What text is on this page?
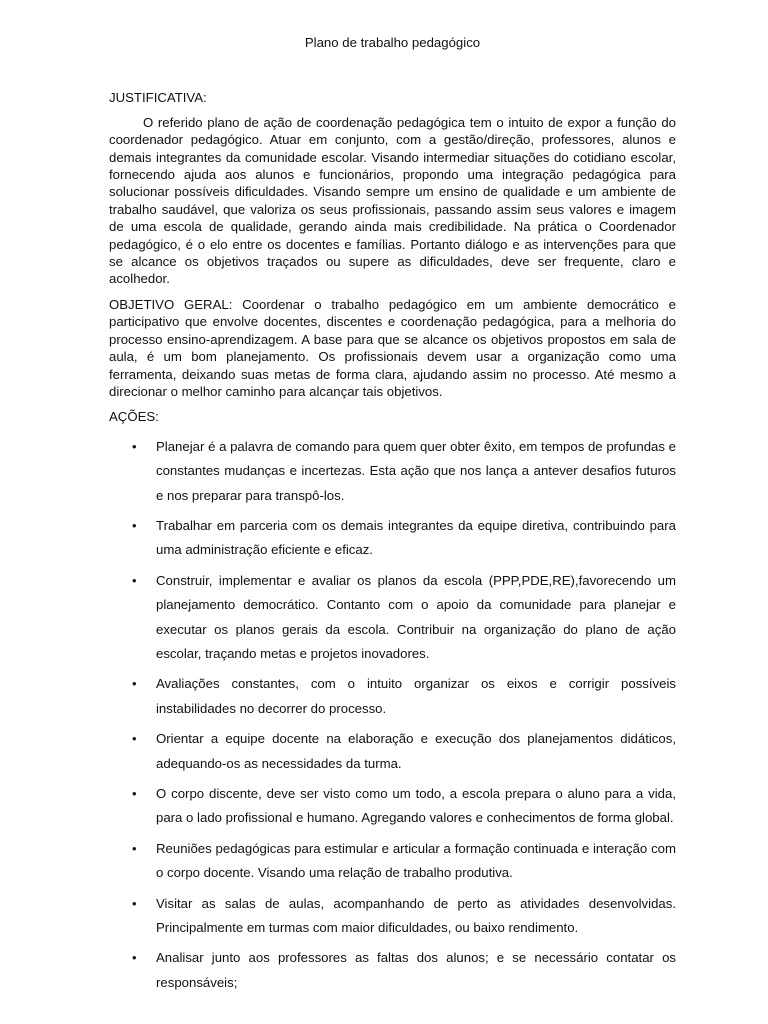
Plano de trabalho pedagógico

JUSTIFICATIVA:

O referido plano de ação de coordenação pedagógica tem o intuito de expor a função do coordenador pedagógico. Atuar em conjunto, com a gestão/direção, professores, alunos e demais integrantes da comunidade escolar. Visando intermediar situações do cotidiano escolar, fornecendo ajuda aos alunos e funcionários, propondo uma integração pedagógica para solucionar possíveis dificuldades. Visando sempre um ensino de qualidade e um ambiente de trabalho saudável, que valoriza os seus profissionais, passando assim seus valores e imagem de uma escola de qualidade, gerando ainda mais credibilidade. Na prática o Coordenador pedagógico, é o elo entre os docentes e famílias. Portanto diálogo e as intervenções para que se alcance os objetivos traçados ou supere as dificuldades, deve ser frequente, claro e acolhedor.

OBJETIVO GERAL: Coordenar o trabalho pedagógico em um ambiente democrático e participativo que envolve docentes, discentes e coordenação pedagógica, para a melhoria do processo ensino-aprendizagem. A base para que se alcance os objetivos propostos em sala de aula, é um bom planejamento. Os profissionais devem usar a organização como uma ferramenta, deixando suas metas de forma clara, ajudando assim no processo. Até mesmo a direcionar o melhor caminho para alcançar tais objetivos.

AÇÕES:

• Planejar é a palavra de comando para quem quer obter êxito, em tempos de profundas e constantes mudanças e incertezas. Esta ação que nos lança a antever desafios futuros e nos preparar para transpô-los.
• Trabalhar em parceria com os demais integrantes da equipe diretiva, contribuindo para uma administração eficiente e eficaz.
• Construir, implementar e avaliar os planos da escola (PPP,PDE,RE),favorecendo um planejamento democrático. Contanto com o apoio da comunidade para planejar e executar os planos gerais da escola. Contribuir na organização do plano de ação escolar, traçando metas e projetos inovadores.
• Avaliações constantes, com o intuito organizar os eixos e corrigir possíveis instabilidades no decorrer do processo.
• Orientar a equipe docente na elaboração e execução dos planejamentos didáticos, adequando-os as necessidades da turma.
• O corpo discente, deve ser visto como um todo, a escola prepara o aluno para a vida, para o lado profissional e humano. Agregando valores e conhecimentos de forma global.
• Reuniões pedagógicas para estimular e articular a formação continuada e interação com o corpo docente. Visando uma relação de trabalho produtiva.
• Visitar as salas de aulas, acompanhando de perto as atividades desenvolvidas. Principalmente em turmas com maior dificuldades, ou baixo rendimento.
• Analisar junto aos professores as faltas dos alunos; e se necessário contatar os responsáveis;
